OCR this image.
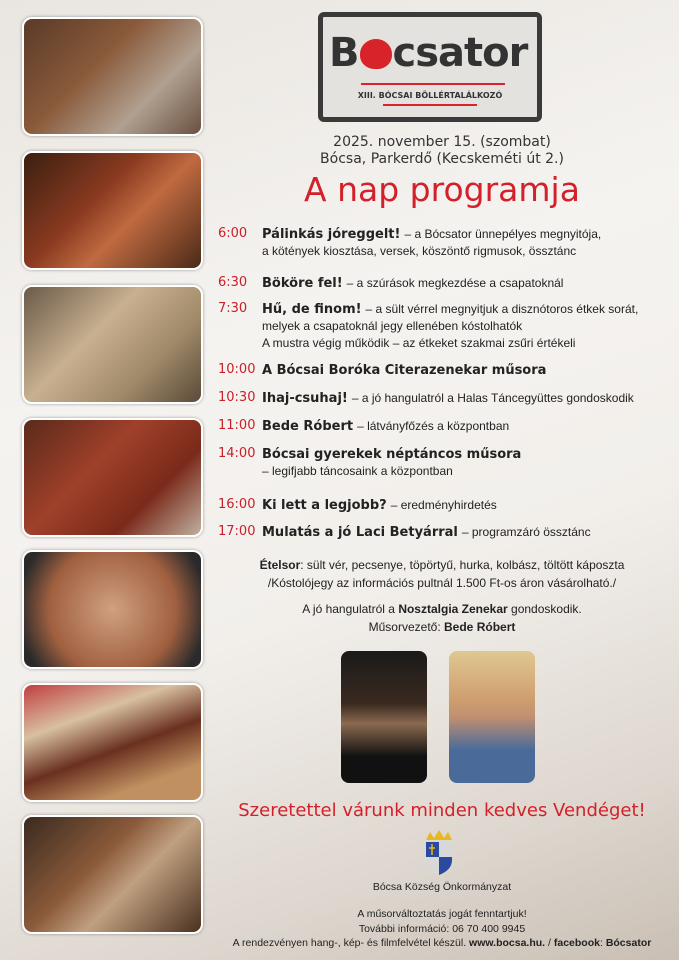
B csator
XIII. BÓCSAI BÖLLÉRTALÁLKOZÓ
2025. november 15. (szombat)
Bócsa, Parkerdő (Kecskeméti út 2.)
A nap programja
6:00 Pálinkás jóreggelt! – a Bócsator ünnepélyes megnyitója,
a kötények kiosztása, versek, köszöntő rigmusok, össztánc
6:30 Bököre fel! – a szúrások megkezdése a csapatoknál
7:30 Hű, de finom! – a sült vérrel megnyitjuk a disznótoros étkek sorát,
melyek a csapatoknál jegy ellenében kóstolhatók
A mustra végig működik – az étkeket szakmai zsűri értékeli
10:00 A Bócsai Boróka Citerazenekar műsora
10:30 Ihaj-csuhaj! – a jó hangulatról a Halas Táncegyüttes gondoskodik
11:00 Bede Róbert – látványfőzés a központban
14:00 Bócsai gyerekek néptáncos műsora
– legifjabb táncosaink a központban
16:00 Ki lett a legjobb? – eredményhirdetés
17:00 Mulatás a jó Laci Betyárral – programzáró össztánc
Ételsor: sült vér, pecsenye, töpörtyű, hurka, kolbász, töltött káposzta
/Kóstolójegy az információs pultnál 1.500 Ft-os áron vásárolható./
A jó hangulatról a Nosztalgia Zenekar gondoskodik.
Műsorvezető: Bede Róbert
Szeretettel várunk minden kedves Vendéget!
Bócsa Község Önkormányzat
A műsorváltoztatás jogát fenntartjuk!
További információ: 06 70 400 9945
A rendezvényen hang-, kép- és filmfelvétel készül. www.bocsa.hu. / facebook: Bócsator
